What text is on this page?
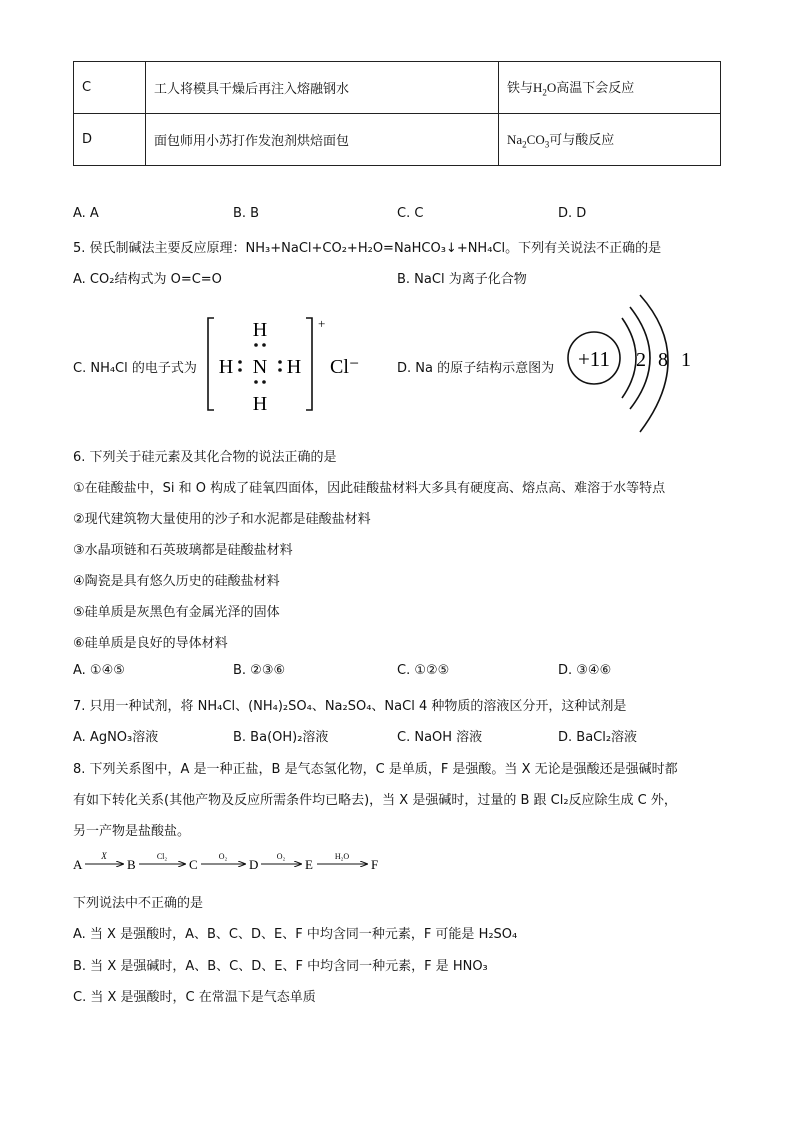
C	工人将模具干燥后再注入熔融钢水	铁与$H_2O$高温下会反应
D	面包师用小苏打作发泡剂烘焙面包	$Na_2CO_3$可与酸反应
A. A	B. B	C. C	D. D
5. 侯氏制碱法主要反应原理：NH₃+NaCl+CO₂+H₂O=NaHCO₃↓+NH₄Cl。下列有关说法不正确的是
A. CO₂结构式为 O=C=O	B. NaCl 为离子化合物
C. NH₄Cl 的电子式为	D. Na 的原子结构示意图为
H
H N H
H
+
Cl⁻	+11 2 8 1
6. 下列关于硅元素及其化合物的说法正确的是
①在硅酸盐中，Si 和 O 构成了硅氧四面体，因此硅酸盐材料大多具有硬度高、熔点高、难溶于水等特点
②现代建筑物大量使用的沙子和水泥都是硅酸盐材料
③水晶项链和石英玻璃都是硅酸盐材料
④陶瓷是具有悠久历史的硅酸盐材料
⑤硅单质是灰黑色有金属光泽的固体
⑥硅单质是良好的导体材料
A. ①④⑤	B. ②③⑥	C. ①②⑤	D. ③④⑥
7. 只用一种试剂，将 NH₄Cl、(NH₄)₂SO₄、Na₂SO₄、NaCl 4 种物质的溶液区分开，这种试剂是
A. AgNO₃溶液	B. Ba(OH)₂溶液	C. NaOH 溶液	D. BaCl₂溶液
8. 下列关系图中，A 是一种正盐，B 是气态氢化物，C 是单质，F 是强酸。当 X 无论是强酸还是强碱时都
有如下转化关系(其他产物及反应所需条件均已略去)，当 X 是强碱时，过量的 B 跟 Cl₂反应除生成 C 外，
另一产物是盐酸盐。
A
X
B
Cl₂
C
O₂
D
O₂
E
H₂O
F
下列说法中不正确的是
A. 当 X 是强酸时，A、B、C、D、E、F 中均含同一种元素，F 可能是 H₂SO₄
B. 当 X 是强碱时，A、B、C、D、E、F 中均含同一种元素，F 是 HNO₃
C. 当 X 是强酸时，C 在常温下是气态单质
